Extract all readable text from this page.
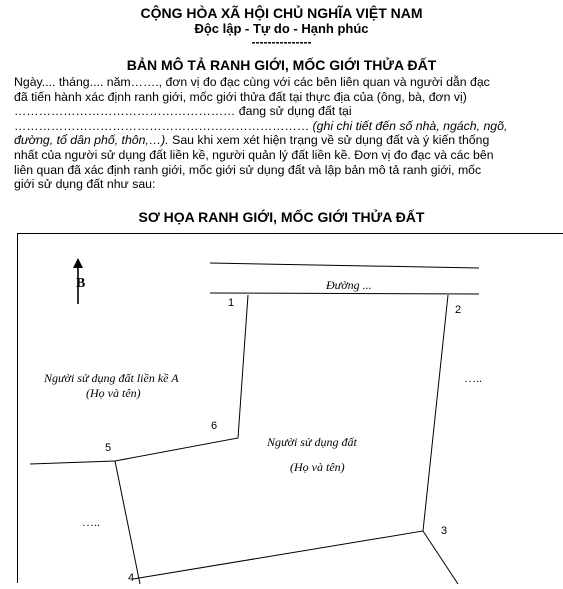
CỘNG HÒA XÃ HỘI CHỦ NGHĨA VIỆT NAM
Độc lập - Tự do - Hạnh phúc
---------------
BẢN MÔ TẢ RANH GIỚI, MỐC GIỚI THỬA ĐẤT
Ngày.... tháng.... năm……., đơn vị đo đạc cùng với các bên liên quan và người dẫn đạc
đã tiến hành xác định ranh giới, mốc giới thửa đất tại thực địa của (ông, bà, đơn vị)
……………………………………………… đang sử dụng đất tại
……………………………………………………………… (ghi chi tiết đến số nhà, ngách, ngõ,
đường, tổ dân phố, thôn,…). Sau khi xem xét hiện trạng về sử dụng đất và ý kiến thống
nhất của người sử dụng đất liền kề, người quản lý đất liền kề. Đơn vị đo đạc và các bên
liên quan đã xác định ranh giới, mốc giới sử dụng đất và lập bản mô tả ranh giới, mốc
giới sử dụng đất như sau:
SƠ HỌA RANH GIỚI, MỐC GIỚI THỬA ĐẤT
B	Đường ...
1
2
3
4
5
6
Người sử dụng đất liền kề A
(Họ và tên)
Người sử dụng đất
(Họ và tên)
…..
…..
